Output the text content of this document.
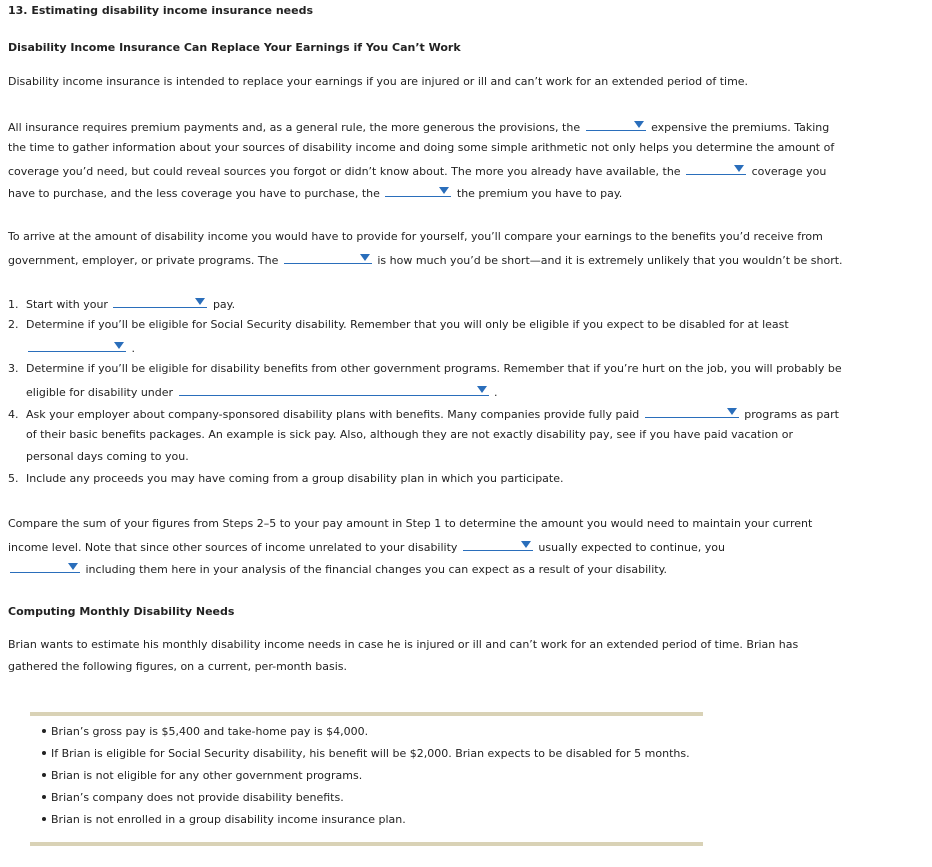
13. Estimating disability income insurance needs
Disability Income Insurance Can Replace Your Earnings if You Can’t Work
Disability income insurance is intended to replace your earnings if you are injured or ill and can’t work for an extended period of time.
All insurance requires premium payments and, as a general rule, the more generous the provisions, the	expensive the premiums. Taking
the time to gather information about your sources of disability income and doing some simple arithmetic not only helps you determine the amount of
coverage you’d need, but could reveal sources you forgot or didn’t know about. The more you already have available, the	coverage you
have to purchase, and the less coverage you have to purchase, the	the premium you have to pay.
To arrive at the amount of disability income you would have to provide for yourself, you’ll compare your earnings to the benefits you’d receive from
government, employer, or private programs. The	is how much you’d be short—and it is extremely unlikely that you wouldn’t be short.
1. Start with your	pay.
2. Determine if you’ll be eligible for Social Security disability. Remember that you will only be eligible if you expect to be disabled for at least
.
3. Determine if you’ll be eligible for disability benefits from other government programs. Remember that if you’re hurt on the job, you will probably be
eligible for disability under	.
4. Ask your employer about company-sponsored disability plans with benefits. Many companies provide fully paid	programs as part
of their basic benefits packages. An example is sick pay. Also, although they are not exactly disability pay, see if you have paid vacation or
personal days coming to you.
5. Include any proceeds you may have coming from a group disability plan in which you participate.
Compare the sum of your figures from Steps 2–5 to your pay amount in Step 1 to determine the amount you would need to maintain your current
income level. Note that since other sources of income unrelated to your disability	usually expected to continue, you
including them here in your analysis of the financial changes you can expect as a result of your disability.
Computing Monthly Disability Needs
Brian wants to estimate his monthly disability income needs in case he is injured or ill and can’t work for an extended period of time. Brian has
gathered the following figures, on a current, per-month basis.
Brian’s gross pay is $5,400 and take-home pay is $4,000.
If Brian is eligible for Social Security disability, his benefit will be $2,000. Brian expects to be disabled for 5 months.
Brian is not eligible for any other government programs.
Brian’s company does not provide disability benefits.
Brian is not enrolled in a group disability income insurance plan.
